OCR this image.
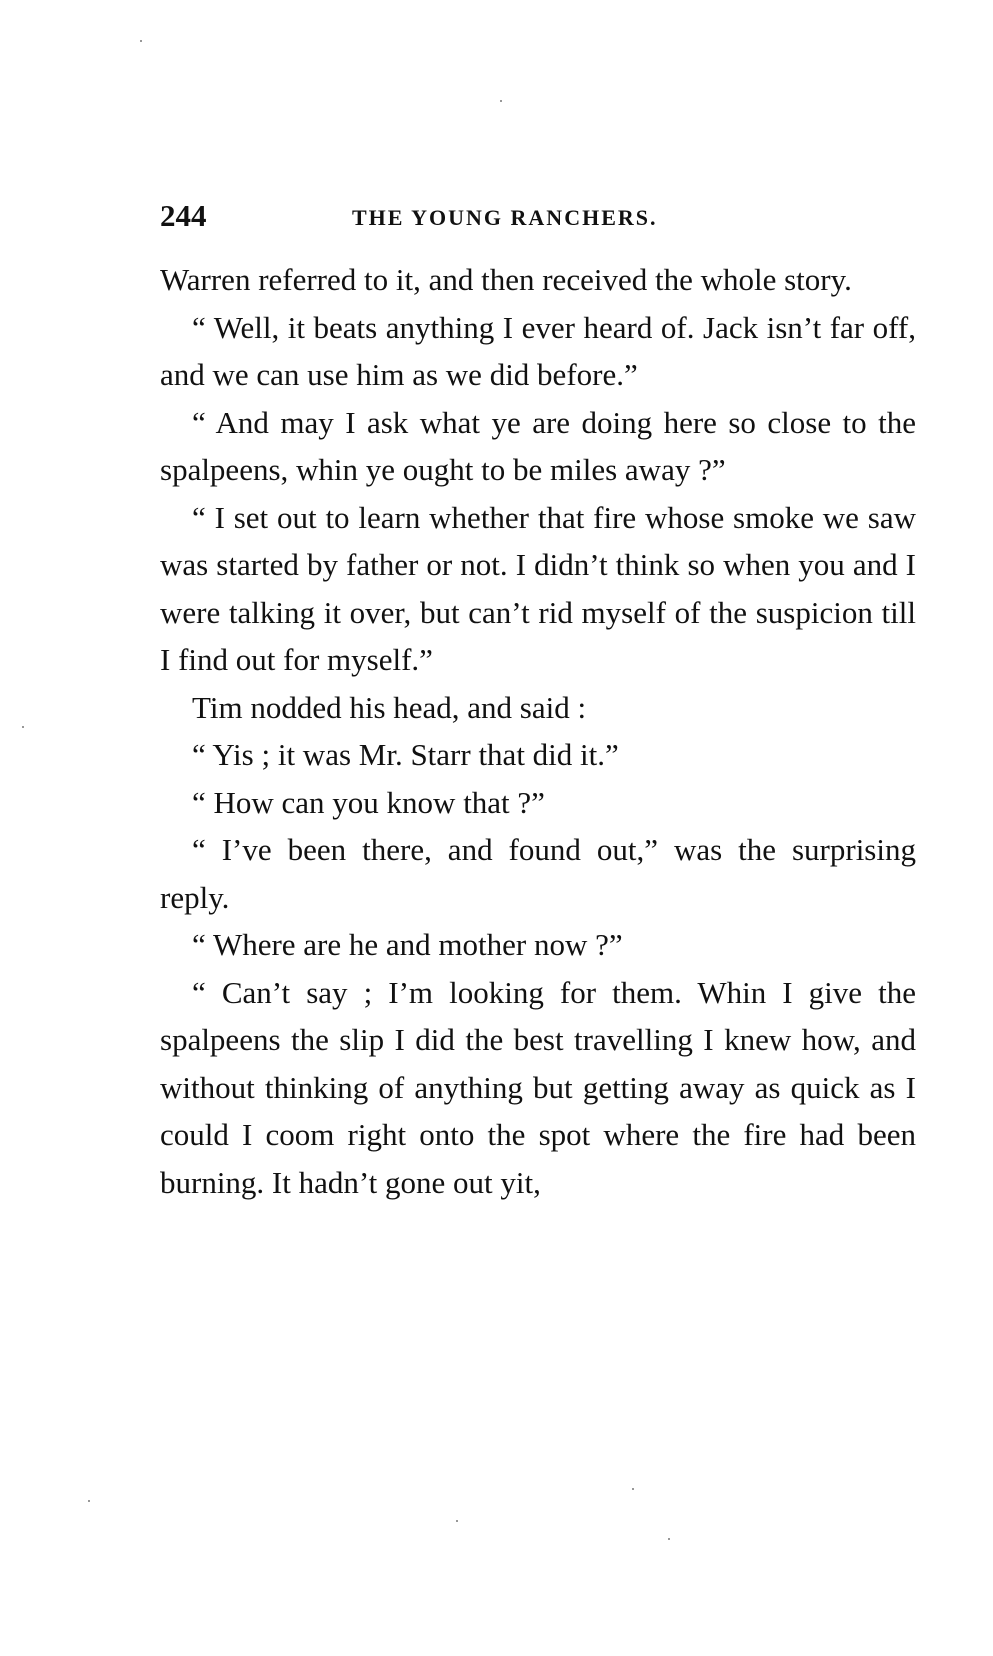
244	THE YOUNG RANCHERS.

Warren referred to it, and then received the whole story.

“ Well, it beats anything I ever heard of. Jack isn’t far off, and we can use him as we did before.”

“ And may I ask what ye are doing here so close to the spalpeens, whin ye ought to be miles away ?”

“ I set out to learn whether that fire whose smoke we saw was started by father or not. I didn’t think so when you and I were talking it over, but can’t rid myself of the suspicion till I find out for myself.”

Tim nodded his head, and said :

“ Yis ; it was Mr. Starr that did it.”

“ How can you know that ?”

“ I’ve been there, and found out,” was the surprising reply.

“ Where are he and mother now ?”

“ Can’t say ; I’m looking for them. Whin I give the spalpeens the slip I did the best travelling I knew how, and without thinking of anything but getting away as quick as I could I coom right onto the spot where the fire had been burning. It hadn’t gone out yit,
